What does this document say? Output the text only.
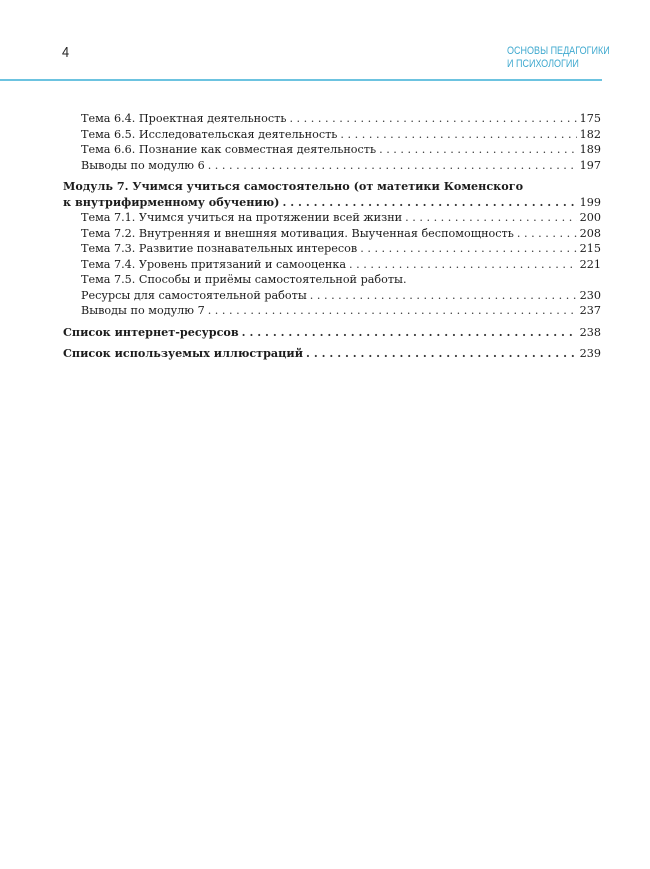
4	ОСНОВЫ ПЕДАГОГИКИ
И ПСИХОЛОГИИ
Тема 6.4. Проектная деятельность . . .	175
Тема 6.5. Исследовательская деятельность . . .	182
Тема 6.6. Познание как совместная деятельность . . .	189
Выводы по модулю 6 . . .	197
Модуль 7. Учимся учиться самостоятельно (от матетики Коменского
к внутрифирменному обучению) . . .	199
Тема 7.1. Учимся учиться на протяжении всей жизни . . .	200
Тема 7.2. Внутренняя и внешняя мотивация. Выученная беспомощность . . .	208
Тема 7.3. Развитие познавательных интересов . . .	215
Тема 7.4. Уровень притязаний и самооценка . . .	221
Тема 7.5. Способы и приёмы самостоятельной работы.
Ресурсы для самостоятельной работы . . .	230
Выводы по модулю 7 . . .	237
Список интернет-ресурсов . . .	238
Список используемых иллюстраций . . .	239
